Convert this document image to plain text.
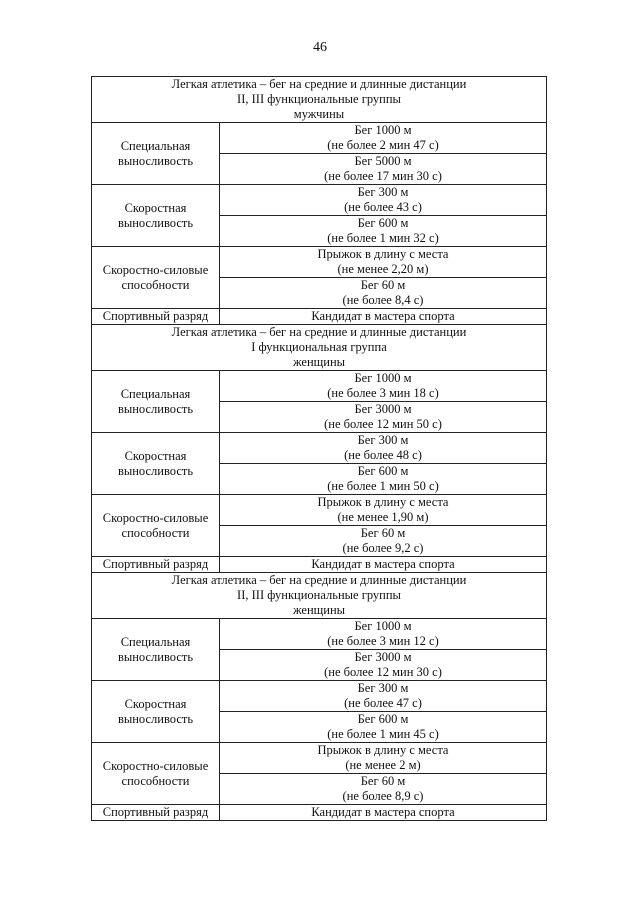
46
Легкая атлетика – бег на средние и длинные дистанции
II, III функциональные группы
мужчины	

Специальная
выносливость	Бег 1000 м
(не более 2 мин 47 с)

	Бег 5000 м
(не более 17 мин 30 с)

Скоростная
выносливость	Бег 300 м
(не более 43 с)

	Бег 600 м
(не более 1 мин 32 с)

Скоростно-силовые
способности	Прыжок в длину с места
(не менее 2,20 м)

	Бег 60 м
(не более 8,4 с)

Спортивный разряд	Кандидат в мастера спорта

Легкая атлетика – бег на средние и длинные дистанции
I функциональная группа
женщины	

Специальная
выносливость	Бег 1000 м
(не более 3 мин 18 с)

	Бег 3000 м
(не более 12 мин 50 с)

Скоростная
выносливость	Бег 300 м
(не более 48 с)

	Бег 600 м
(не более 1 мин 50 с)

Скоростно-силовые
способности	Прыжок в длину с места
(не менее 1,90 м)

	Бег 60 м
(не более 9,2 с)

Спортивный разряд	Кандидат в мастера спорта

Легкая атлетика – бег на средние и длинные дистанции
II, III функциональные группы
женщины	

Специальная
выносливость	Бег 1000 м
(не более 3 мин 12 с)

	Бег 3000 м
(не более 12 мин 30 с)

Скоростная
выносливость	Бег 300 м
(не более 47 с)

	Бег 600 м
(не более 1 мин 45 с)

Скоростно-силовые
способности	Прыжок в длину с места
(не менее 2 м)

	Бег 60 м
(не более 8,9 с)

Спортивный разряд	Кандидат в мастера спорта
